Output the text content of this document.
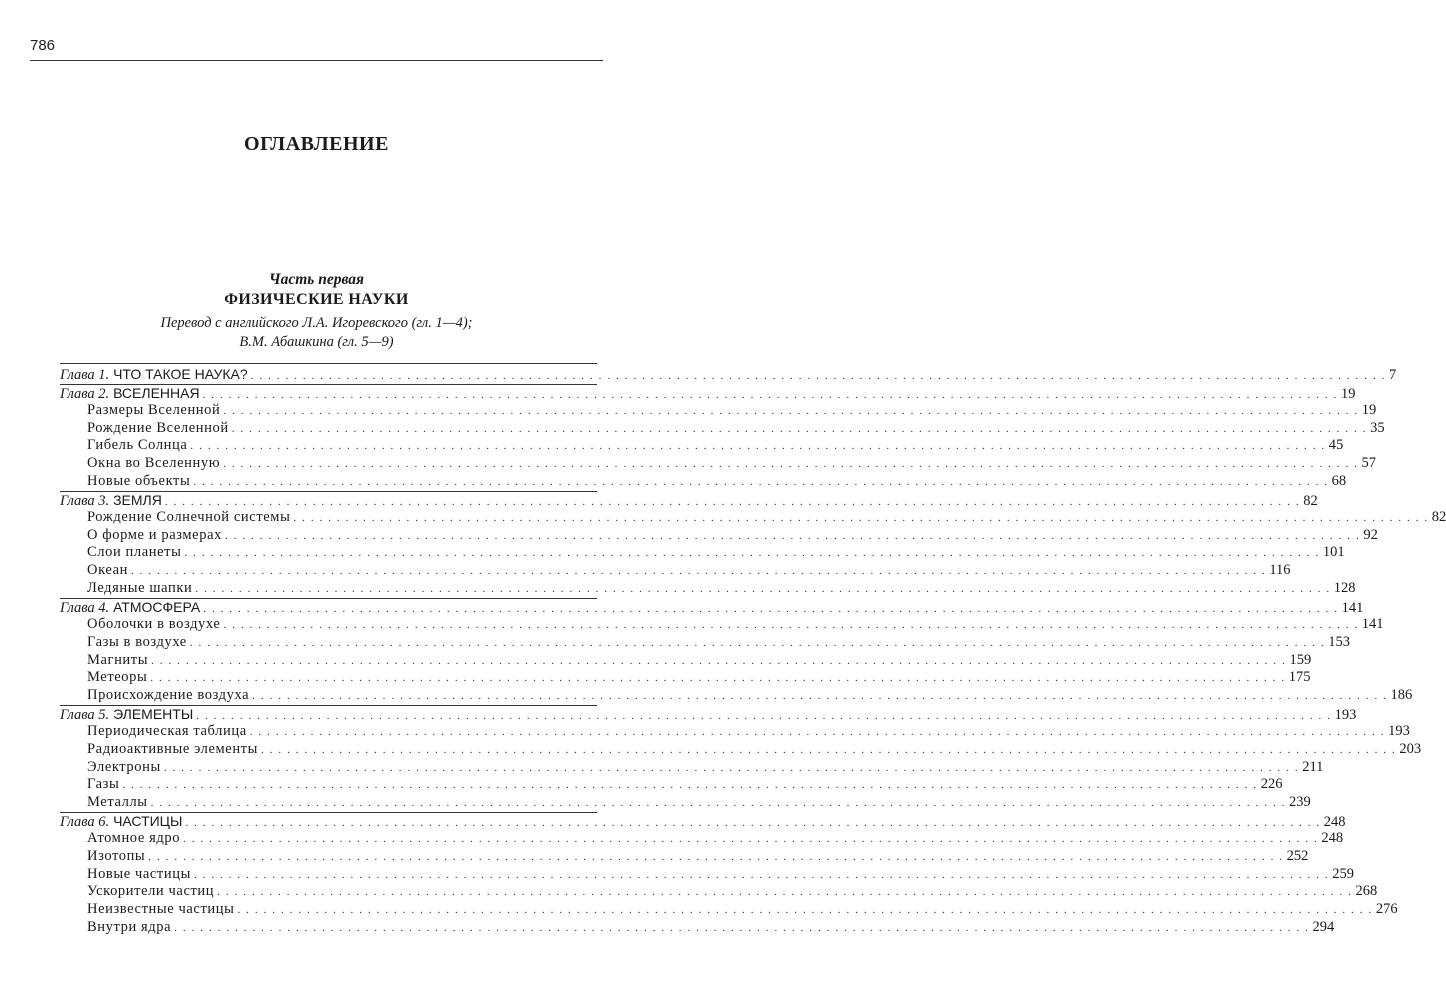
786
ОГЛАВЛЕНИЕ
Часть первая
ФИЗИЧЕСКИЕ НАУКИ
Перевод с английского Л.А. Игоревского (гл. 1—4);
В.М. Абашкина (гл. 5—9)
Глава 1.
ЧТО ТАКОЕ НАУКА? . . . . . . . . . . . . . . . . . . . . . . . . . . . . . . . . . . . . . . . . . . . . . . . . . . . . . . . . . . . . . . . . . . . . . . . . . . . . . . . . . . . . . . . . . . . . . . . . . . . . . . . . . . . . . . . . . . . . . . . . . . . . . . . . . . . 7
Глава 2.
ВСЕЛЕННАЯ . . . . . . . . . . . . . . . . . . . . . . . . . . . . . . . . . . . . . . . . . . . . . . . . . . . . . . . . . . . . . . . . . . . . . . . . . . . . . . . . . . . . . . . . . . . . . . . . . . . . . . . . . . . . . . . . . . . . . . . . . . . . . . . . . . . 19
Размеры Вселенной . . . . . . . . . . . . . . . . . . . . . . . . . . . . . . . . . . . . . . . . . . . . . . . . . . . . . . . . . . . . . . . . . . . . . . . . . . . . . . . . . . . . . . . . . . . . . . . . . . . . . . . . . . . . . . . . . . . . . . . . . . . . . . . . . . . 19
Рождение Вселенной . . . . . . . . . . . . . . . . . . . . . . . . . . . . . . . . . . . . . . . . . . . . . . . . . . . . . . . . . . . . . . . . . . . . . . . . . . . . . . . . . . . . . . . . . . . . . . . . . . . . . . . . . . . . . . . . . . . . . . . . . . . . . . . . . . . 35
Гибель Солнца . . . . . . . . . . . . . . . . . . . . . . . . . . . . . . . . . . . . . . . . . . . . . . . . . . . . . . . . . . . . . . . . . . . . . . . . . . . . . . . . . . . . . . . . . . . . . . . . . . . . . . . . . . . . . . . . . . . . . . . . . . . . . . . . . . . 45
Окна во Вселенную . . . . . . . . . . . . . . . . . . . . . . . . . . . . . . . . . . . . . . . . . . . . . . . . . . . . . . . . . . . . . . . . . . . . . . . . . . . . . . . . . . . . . . . . . . . . . . . . . . . . . . . . . . . . . . . . . . . . . . . . . . . . . . . . . . . 57
Новые объекты . . . . . . . . . . . . . . . . . . . . . . . . . . . . . . . . . . . . . . . . . . . . . . . . . . . . . . . . . . . . . . . . . . . . . . . . . . . . . . . . . . . . . . . . . . . . . . . . . . . . . . . . . . . . . . . . . . . . . . . . . . . . . . . . . . . 68
Глава 3.
ЗЕМЛЯ . . . . . . . . . . . . . . . . . . . . . . . . . . . . . . . . . . . . . . . . . . . . . . . . . . . . . . . . . . . . . . . . . . . . . . . . . . . . . . . . . . . . . . . . . . . . . . . . . . . . . . . . . . . . . . . . . . . . . . . . . . . . . . . . . . . 82
Рождение Солнечной системы . . . . . . . . . . . . . . . . . . . . . . . . . . . . . . . . . . . . . . . . . . . . . . . . . . . . . . . . . . . . . . . . . . . . . . . . . . . . . . . . . . . . . . . . . . . . . . . . . . . . . . . . . . . . . . . . . . . . . . . . . . . . . . . . . . . 82
О форме и размерах . . . . . . . . . . . . . . . . . . . . . . . . . . . . . . . . . . . . . . . . . . . . . . . . . . . . . . . . . . . . . . . . . . . . . . . . . . . . . . . . . . . . . . . . . . . . . . . . . . . . . . . . . . . . . . . . . . . . . . . . . . . . . . . . . . . 92
Слои планеты . . . . . . . . . . . . . . . . . . . . . . . . . . . . . . . . . . . . . . . . . . . . . . . . . . . . . . . . . . . . . . . . . . . . . . . . . . . . . . . . . . . . . . . . . . . . . . . . . . . . . . . . . . . . . . . . . . . . . . . . . . . . . . . . . . . 101
Океан . . . . . . . . . . . . . . . . . . . . . . . . . . . . . . . . . . . . . . . . . . . . . . . . . . . . . . . . . . . . . . . . . . . . . . . . . . . . . . . . . . . . . . . . . . . . . . . . . . . . . . . . . . . . . . . . . . . . . . . . . . . . . . . . . . . 116
Ледяные шапки . . . . . . . . . . . . . . . . . . . . . . . . . . . . . . . . . . . . . . . . . . . . . . . . . . . . . . . . . . . . . . . . . . . . . . . . . . . . . . . . . . . . . . . . . . . . . . . . . . . . . . . . . . . . . . . . . . . . . . . . . . . . . . . . . . . 128
Глава 4.
АТМОСФЕРА . . . . . . . . . . . . . . . . . . . . . . . . . . . . . . . . . . . . . . . . . . . . . . . . . . . . . . . . . . . . . . . . . . . . . . . . . . . . . . . . . . . . . . . . . . . . . . . . . . . . . . . . . . . . . . . . . . . . . . . . . . . . . . . . . . . 141
Оболочки в воздухе . . . . . . . . . . . . . . . . . . . . . . . . . . . . . . . . . . . . . . . . . . . . . . . . . . . . . . . . . . . . . . . . . . . . . . . . . . . . . . . . . . . . . . . . . . . . . . . . . . . . . . . . . . . . . . . . . . . . . . . . . . . . . . . . . . . 141
Газы в воздухе . . . . . . . . . . . . . . . . . . . . . . . . . . . . . . . . . . . . . . . . . . . . . . . . . . . . . . . . . . . . . . . . . . . . . . . . . . . . . . . . . . . . . . . . . . . . . . . . . . . . . . . . . . . . . . . . . . . . . . . . . . . . . . . . . . . 153
Магниты . . . . . . . . . . . . . . . . . . . . . . . . . . . . . . . . . . . . . . . . . . . . . . . . . . . . . . . . . . . . . . . . . . . . . . . . . . . . . . . . . . . . . . . . . . . . . . . . . . . . . . . . . . . . . . . . . . . . . . . . . . . . . . . . . . . 159
Метеоры . . . . . . . . . . . . . . . . . . . . . . . . . . . . . . . . . . . . . . . . . . . . . . . . . . . . . . . . . . . . . . . . . . . . . . . . . . . . . . . . . . . . . . . . . . . . . . . . . . . . . . . . . . . . . . . . . . . . . . . . . . . . . . . . . . . 175
Происхождение воздуха . . . . . . . . . . . . . . . . . . . . . . . . . . . . . . . . . . . . . . . . . . . . . . . . . . . . . . . . . . . . . . . . . . . . . . . . . . . . . . . . . . . . . . . . . . . . . . . . . . . . . . . . . . . . . . . . . . . . . . . . . . . . . . . . . . . 186
Глава 5.
ЭЛЕМЕНТЫ . . . . . . . . . . . . . . . . . . . . . . . . . . . . . . . . . . . . . . . . . . . . . . . . . . . . . . . . . . . . . . . . . . . . . . . . . . . . . . . . . . . . . . . . . . . . . . . . . . . . . . . . . . . . . . . . . . . . . . . . . . . . . . . . . . . 193
Периодическая таблица . . . . . . . . . . . . . . . . . . . . . . . . . . . . . . . . . . . . . . . . . . . . . . . . . . . . . . . . . . . . . . . . . . . . . . . . . . . . . . . . . . . . . . . . . . . . . . . . . . . . . . . . . . . . . . . . . . . . . . . . . . . . . . . . . . . 193
Радиоактивные элементы . . . . . . . . . . . . . . . . . . . . . . . . . . . . . . . . . . . . . . . . . . . . . . . . . . . . . . . . . . . . . . . . . . . . . . . . . . . . . . . . . . . . . . . . . . . . . . . . . . . . . . . . . . . . . . . . . . . . . . . . . . . . . . . . . . . 203
Электроны . . . . . . . . . . . . . . . . . . . . . . . . . . . . . . . . . . . . . . . . . . . . . . . . . . . . . . . . . . . . . . . . . . . . . . . . . . . . . . . . . . . . . . . . . . . . . . . . . . . . . . . . . . . . . . . . . . . . . . . . . . . . . . . . . . . 211
Газы . . . . . . . . . . . . . . . . . . . . . . . . . . . . . . . . . . . . . . . . . . . . . . . . . . . . . . . . . . . . . . . . . . . . . . . . . . . . . . . . . . . . . . . . . . . . . . . . . . . . . . . . . . . . . . . . . . . . . . . . . . . . . . . . . . . 226
Металлы . . . . . . . . . . . . . . . . . . . . . . . . . . . . . . . . . . . . . . . . . . . . . . . . . . . . . . . . . . . . . . . . . . . . . . . . . . . . . . . . . . . . . . . . . . . . . . . . . . . . . . . . . . . . . . . . . . . . . . . . . . . . . . . . . . . 239
Глава 6.
ЧАСТИЦЫ . . . . . . . . . . . . . . . . . . . . . . . . . . . . . . . . . . . . . . . . . . . . . . . . . . . . . . . . . . . . . . . . . . . . . . . . . . . . . . . . . . . . . . . . . . . . . . . . . . . . . . . . . . . . . . . . . . . . . . . . . . . . . . . . . . . 248
Атомное ядро . . . . . . . . . . . . . . . . . . . . . . . . . . . . . . . . . . . . . . . . . . . . . . . . . . . . . . . . . . . . . . . . . . . . . . . . . . . . . . . . . . . . . . . . . . . . . . . . . . . . . . . . . . . . . . . . . . . . . . . . . . . . . . . . . . . 248
Изотопы . . . . . . . . . . . . . . . . . . . . . . . . . . . . . . . . . . . . . . . . . . . . . . . . . . . . . . . . . . . . . . . . . . . . . . . . . . . . . . . . . . . . . . . . . . . . . . . . . . . . . . . . . . . . . . . . . . . . . . . . . . . . . . . . . . . 252
Новые частицы . . . . . . . . . . . . . . . . . . . . . . . . . . . . . . . . . . . . . . . . . . . . . . . . . . . . . . . . . . . . . . . . . . . . . . . . . . . . . . . . . . . . . . . . . . . . . . . . . . . . . . . . . . . . . . . . . . . . . . . . . . . . . . . . . . . 259
Ускорители частиц . . . . . . . . . . . . . . . . . . . . . . . . . . . . . . . . . . . . . . . . . . . . . . . . . . . . . . . . . . . . . . . . . . . . . . . . . . . . . . . . . . . . . . . . . . . . . . . . . . . . . . . . . . . . . . . . . . . . . . . . . . . . . . . . . . . 268
Неизвестные частицы . . . . . . . . . . . . . . . . . . . . . . . . . . . . . . . . . . . . . . . . . . . . . . . . . . . . . . . . . . . . . . . . . . . . . . . . . . . . . . . . . . . . . . . . . . . . . . . . . . . . . . . . . . . . . . . . . . . . . . . . . . . . . . . . . . . 276
Внутри ядра . . . . . . . . . . . . . . . . . . . . . . . . . . . . . . . . . . . . . . . . . . . . . . . . . . . . . . . . . . . . . . . . . . . . . . . . . . . . . . . . . . . . . . . . . . . . . . . . . . . . . . . . . . . . . . . . . . . . . . . . . . . . . . . . . . . 294
